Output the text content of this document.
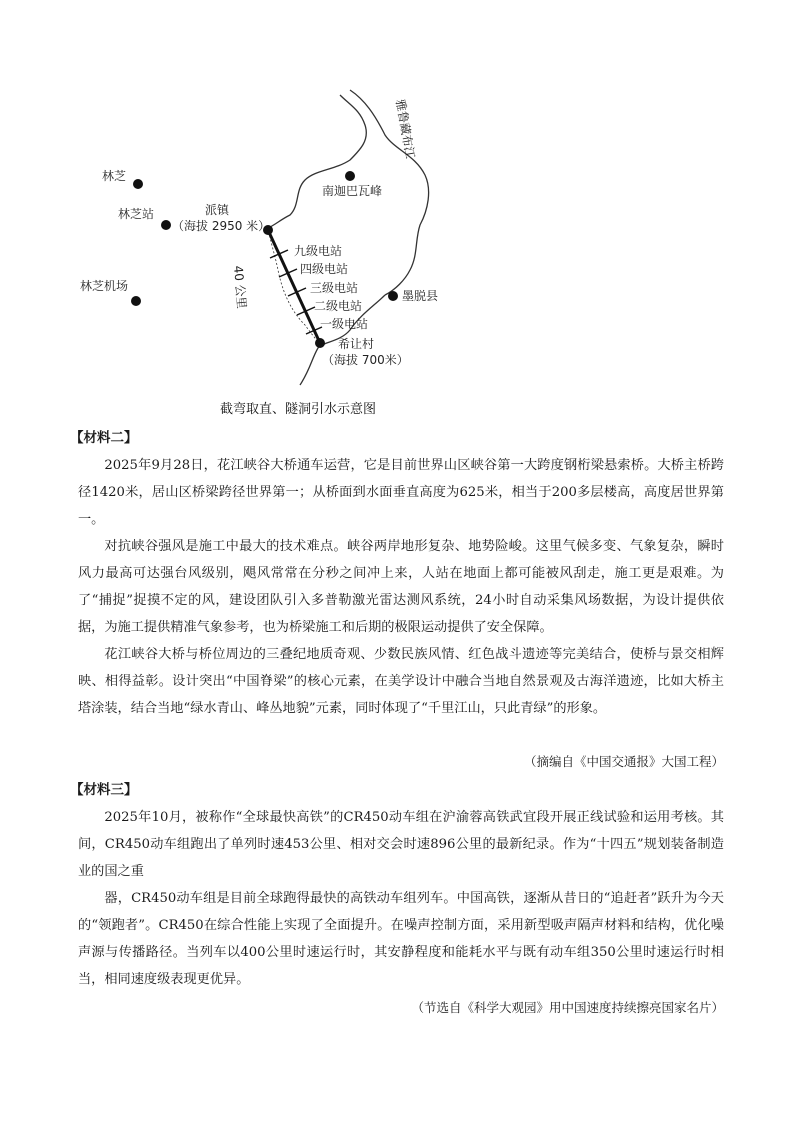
林芝
林芝站
林芝机场
派镇
（海拔 2950 米）
南迦巴瓦峰
墨脱县
希让村
（海拔 700米）
雅鲁藏布江
40 公里
九级电站
四级电站
三级电站
二级电站
一级电站
截弯取直、隧洞引水示意图
【材料二】

2025年9月28日，花江峡谷大桥通车运营，它是目前世界山区峡谷第一大跨度钢桁梁悬索桥。大桥主桥跨径1420米，居山区桥梁跨径世界第一；从桥面到水面垂直高度为625米，相当于200多层楼高，高度居世界第一。

对抗峡谷强风是施工中最大的技术难点。峡谷两岸地形复杂、地势险峻。这里气候多变、气象复杂，瞬时风力最高可达强台风级别，飓风常常在分秒之间冲上来，人站在地面上都可能被风刮走，施工更是艰难。为了“捕捉”捉摸不定的风，建设团队引入多普勒激光雷达测风系统，24小时自动采集风场数据，为设计提供依据，为施工提供精准气象参考，也为桥梁施工和后期的极限运动提供了安全保障。

花江峡谷大桥与桥位周边的三叠纪地质奇观、少数民族风情、红色战斗遗迹等完美结合，使桥与景交相辉映、相得益彰。设计突出“中国脊梁”的核心元素，在美学设计中融合当地自然景观及古海洋遗迹，比如大桥主塔涂装，结合当地“绿水青山、峰丛地貌”元素，同时体现了“千里江山，只此青绿”的形象。

（摘编自《中国交通报》大国工程）
【材料三】

2025年10月，被称作“全球最快高铁”的CR450动车组在沪渝蓉高铁武宜段开展正线试验和运用考核。其间，CR450动车组跑出了单列时速453公里、相对交会时速896公里的最新纪录。作为“十四五”规划装备制造业的国之重

器，CR450动车组是目前全球跑得最快的高铁动车组列车。中国高铁，逐渐从昔日的“追赶者”跃升为今天的“领跑者”。CR450在综合性能上实现了全面提升。在噪声控制方面，采用新型吸声隔声材料和结构，优化噪声源与传播路径。当列车以400公里时速运行时，其安静程度和能耗水平与既有动车组350公里时速运行时相当，相同速度级表现更优异。

（节选自《科学大观园》用中国速度持续擦亮国家名片）
